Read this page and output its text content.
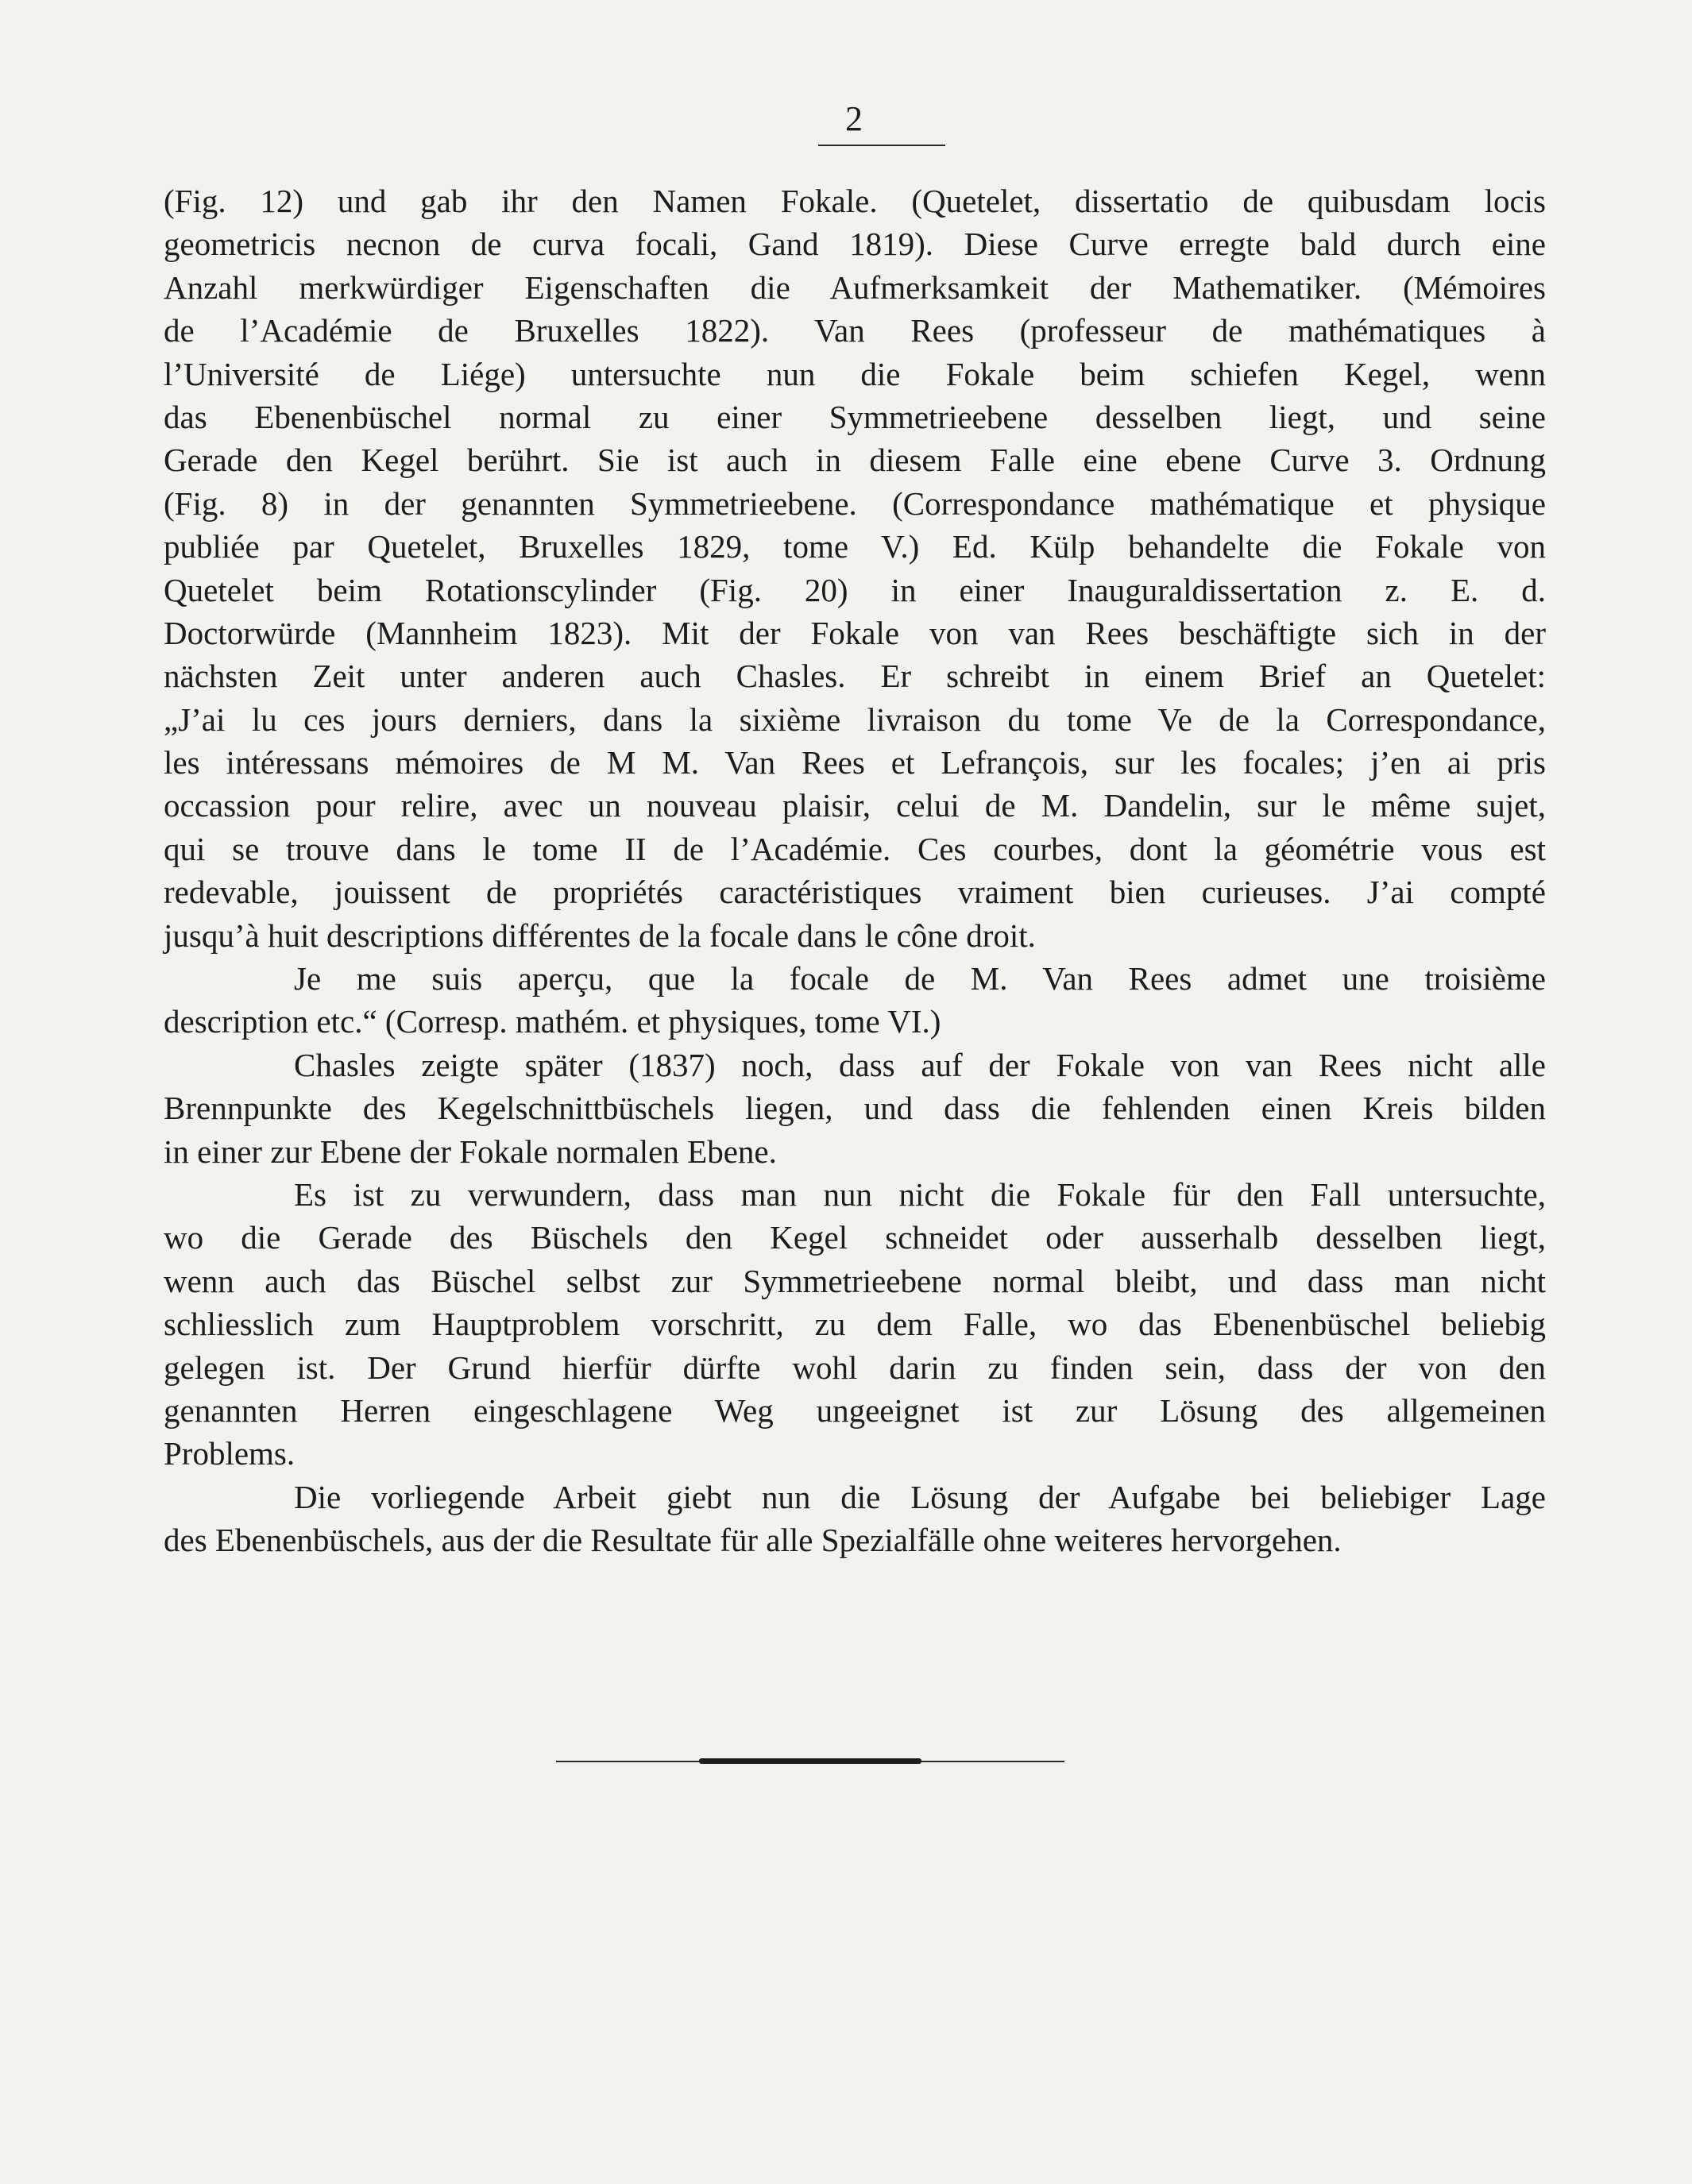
2
(Fig. 12) und gab ihr den Namen Fokale. (Quetelet, dissertatio de quibusdam locis
geometricis necnon de curva focali, Gand 1819). Diese Curve erregte bald durch eine
Anzahl merkwürdiger Eigenschaften die Aufmerksamkeit der Mathematiker. (Mémoires
de l’Académie de Bruxelles 1822). Van Rees (professeur de mathématiques à
l’Université de Liége) untersuchte nun die Fokale beim schiefen Kegel, wenn
das Ebenenbüschel normal zu einer Symmetrieebene desselben liegt, und seine
Gerade den Kegel berührt. Sie ist auch in diesem Falle eine ebene Curve 3. Ordnung
(Fig. 8) in der genannten Symmetrieebene. (Correspondance mathématique et physique
publiée par Quetelet, Bruxelles 1829, tome V.) Ed. Külp behandelte die Fokale von
Quetelet beim Rotationscylinder (Fig. 20) in einer Inauguraldissertation z. E. d.
Doctorwürde (Mannheim 1823). Mit der Fokale von van Rees beschäftigte sich in der
nächsten Zeit unter anderen auch Chasles. Er schreibt in einem Brief an Quetelet:
„J’ai lu ces jours derniers, dans la sixième livraison du tome Ve de la Correspondance,
les intéressans mémoires de M M. Van Rees et Lefrançois, sur les focales; j’en ai pris
occassion pour relire, avec un nouveau plaisir, celui de M. Dandelin, sur le même sujet,
qui se trouve dans le tome II de l’Académie. Ces courbes, dont la géométrie vous est
redevable, jouissent de propriétés caractéristiques vraiment bien curieuses. J’ai compté
jusqu’à huit descriptions différentes de la focale dans le cône droit.
Je me suis aperçu, que la focale de M. Van Rees admet une troisième
description etc.“ (Corresp. mathém. et physiques, tome VI.)
Chasles zeigte später (1837) noch, dass auf der Fokale von van Rees nicht alle
Brennpunkte des Kegelschnittbüschels liegen, und dass die fehlenden einen Kreis bilden
in einer zur Ebene der Fokale normalen Ebene.
Es ist zu verwundern, dass man nun nicht die Fokale für den Fall untersuchte,
wo die Gerade des Büschels den Kegel schneidet oder ausserhalb desselben liegt,
wenn auch das Büschel selbst zur Symmetrieebene normal bleibt, und dass man nicht
schliesslich zum Hauptproblem vorschritt, zu dem Falle, wo das Ebenenbüschel beliebig
gelegen ist. Der Grund hierfür dürfte wohl darin zu finden sein, dass der von den
genannten Herren eingeschlagene Weg ungeeignet ist zur Lösung des allgemeinen
Problems.
Die vorliegende Arbeit giebt nun die Lösung der Aufgabe bei beliebiger Lage
des Ebenenbüschels, aus der die Resultate für alle Spezialfälle ohne weiteres hervorgehen.
